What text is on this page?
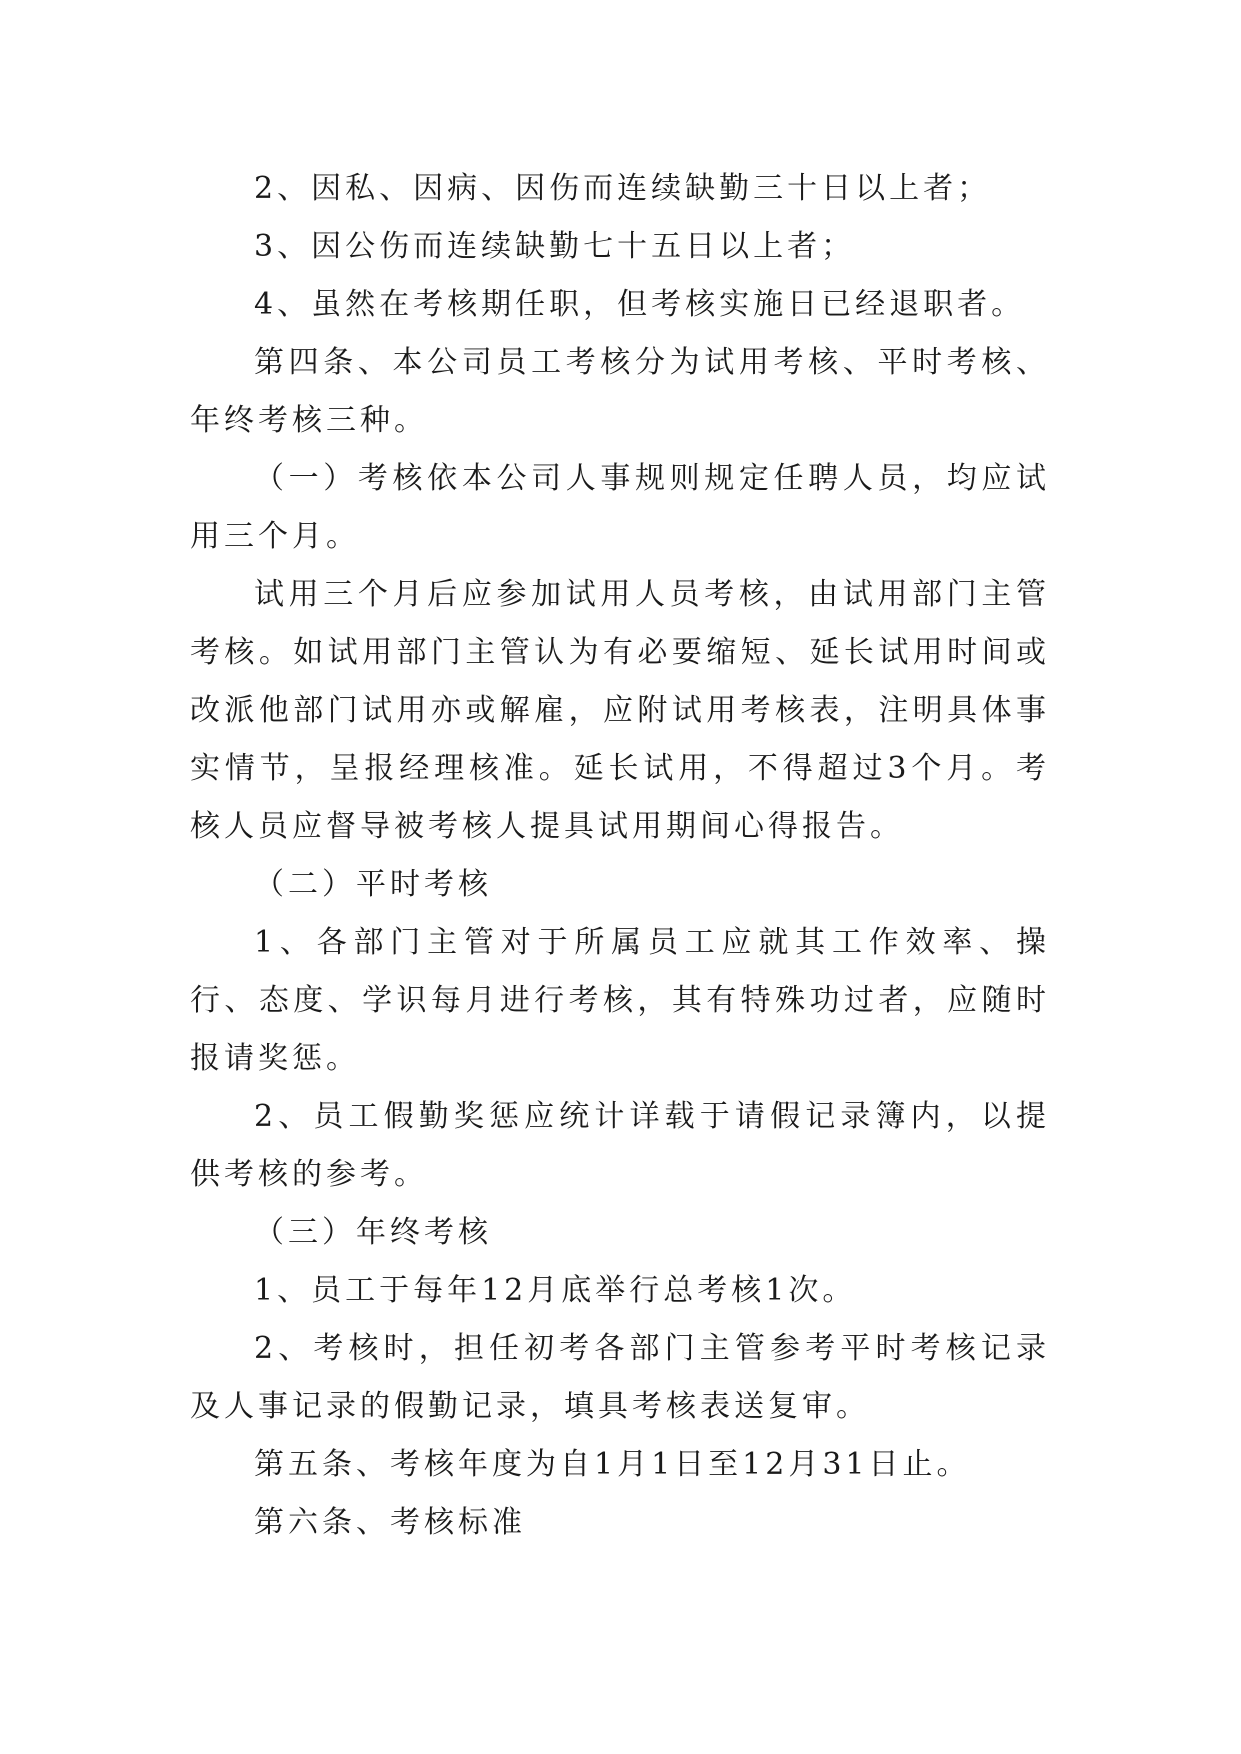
2、因私、因病、因伤而连续缺勤三十日以上者；

3、因公伤而连续缺勤七十五日以上者；

4、虽然在考核期任职，但考核实施日已经退职者。

第四条、本公司员工考核分为试用考核、平时考核、年终考核三种。

（一）考核依本公司人事规则规定任聘人员，均应试用三个月。

试用三个月后应参加试用人员考核，由试用部门主管考核。如试用部门主管认为有必要缩短、延长试用时间或改派他部门试用亦或解雇，应附试用考核表，注明具体事实情节，呈报经理核准。延长试用，不得超过3个月。考核人员应督导被考核人提具试用期间心得报告。

（二）平时考核

1、各部门主管对于所属员工应就其工作效率、操行、态度、学识每月进行考核，其有特殊功过者，应随时报请奖惩。

2、员工假勤奖惩应统计详载于请假记录簿内，以提供考核的参考。

（三）年终考核

1、员工于每年12月底举行总考核1次。

2、考核时，担任初考各部门主管参考平时考核记录及人事记录的假勤记录，填具考核表送复审。

第五条、考核年度为自1月1日至12月31日止。

第六条、考核标准
